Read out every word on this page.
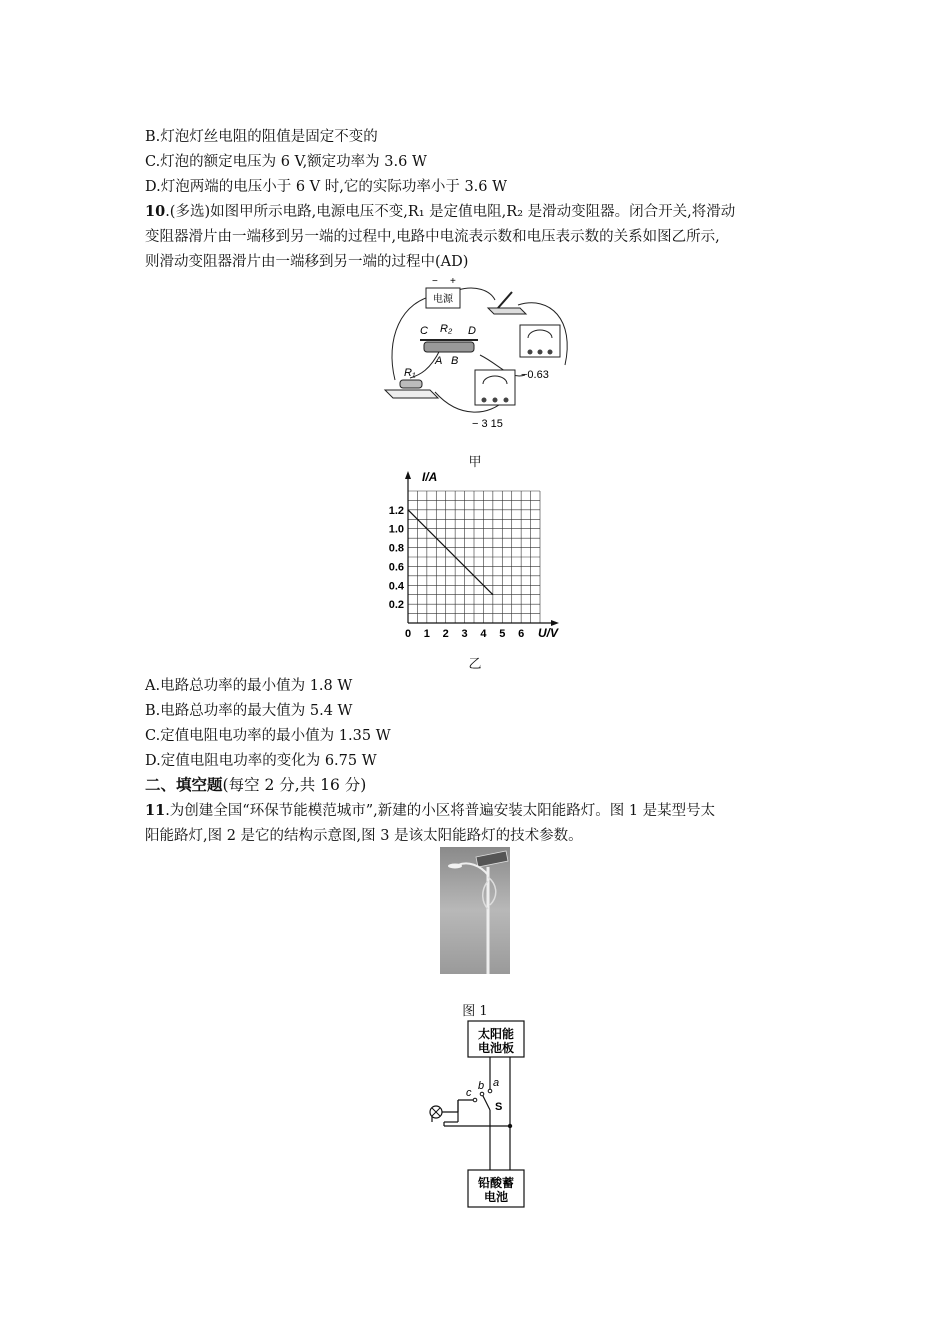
B.灯泡灯丝电阻的阻值是固定不变的
C.灯泡的额定电压为 6 V,额定功率为 3.6 W
D.灯泡两端的电压小于 6 V 时,它的实际功率小于 3.6 W
10.(多选)如图甲所示电路,电源电压不变,R₁ 是定值电阻,R₂ 是滑动变阻器。闭合开关,将滑动
变阻器滑片由一端移到另一端的过程中,电路中电流表示数和电压表示数的关系如图乙所示,
则滑动变阻器滑片由一端移到另一端的过程中(AD)
电源
− +
−0.63
C R₂ D
A B
R₁
− 3 15
甲
0 1 2 3 4 5 6
0.2
0.4
0.6
0.8
1.0
1.2
I/A
U/V
乙
A.电路总功率的最小值为 1.8 W
B.电路总功率的最大值为 5.4 W
C.定值电阻电功率的最小值为 1.35 W
D.定值电阻电功率的变化为 6.75 W
二、填空题(每空 2 分,共 16 分)
11.为创建全国“环保节能模范城市”,新建的小区将普遍安装太阳能路灯。图 1 是某型号太
阳能路灯,图 2 是它的结构示意图,图 3 是该太阳能路灯的技术参数。
图 1
太阳能
电池板
铅酸蓄
电池
a
b
c
S
